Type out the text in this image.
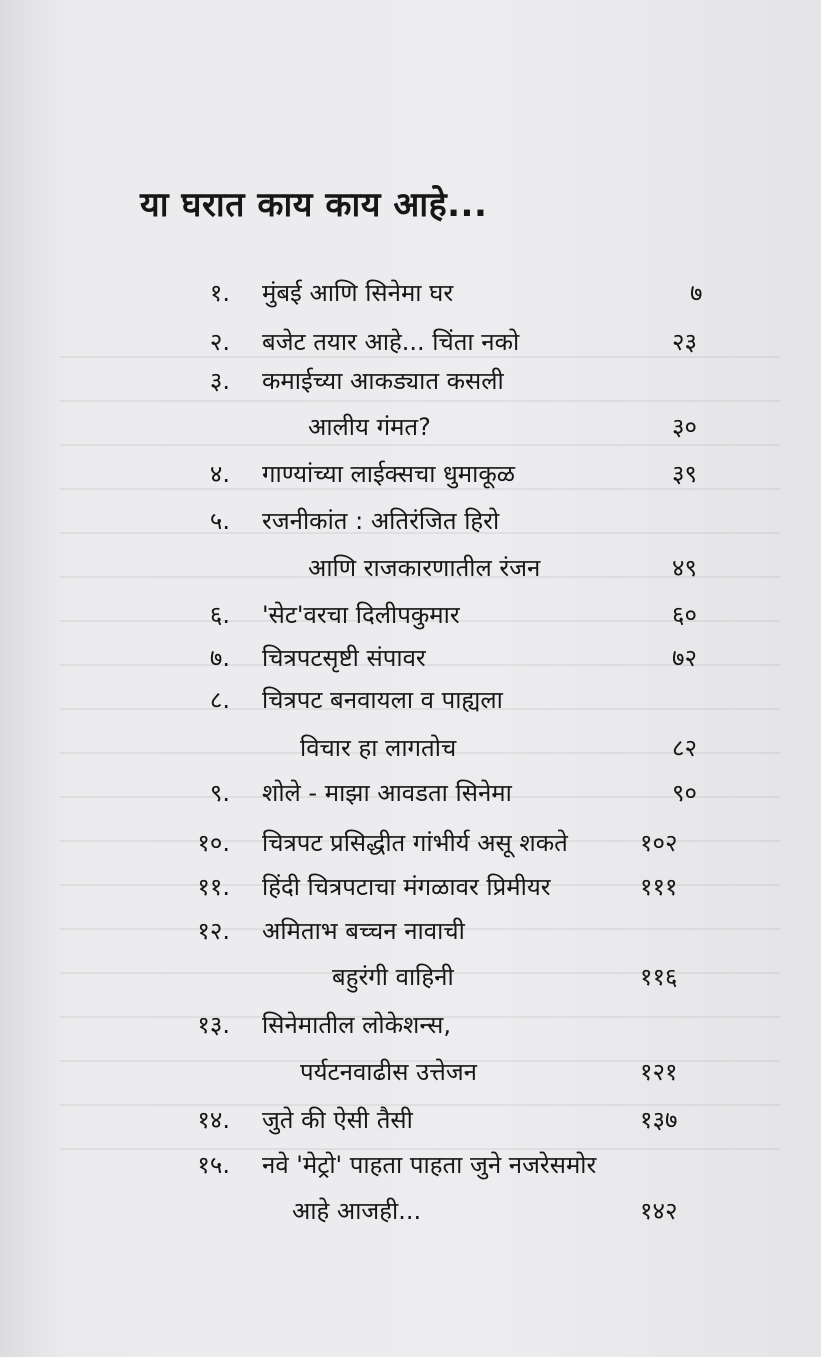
या घरात काय काय आहे...
१. मुंबई आणि सिनेमा घर	७
२. बजेट तयार आहे... चिंता नको	२३
३. कमाईच्या आकड्यात कसली
आलीय गंमत?	३०
४. गाण्यांच्या लाईक्सचा धुमाकूळ	३९
५. रजनीकांत : अतिरंजित हिरो
आणि राजकारणातील रंजन	४९
६. 'सेट'वरचा दिलीपकुमार	६०
७. चित्रपटसृष्टी संपावर	७२
८. चित्रपट बनवायला व पाह्यला
विचार हा लागतोच	८२
९. शोले - माझा आवडता सिनेमा	९०
१०. चित्रपट प्रसिद्धीत गांभीर्य असू शकते	१०२
११. हिंदी चित्रपटाचा मंगळावर प्रिमीयर	१११
१२. अमिताभ बच्चन नावाची
बहुरंगी वाहिनी	११६
१३. सिनेमातील लोकेशन्स,
पर्यटनवाढीस उत्तेजन	१२१
१४. जुते की ऐसी तैसी	१३७
१५. नवे 'मेट्रो' पाहता पाहता जुने नजरेसमोर
आहे आजही...	१४२
